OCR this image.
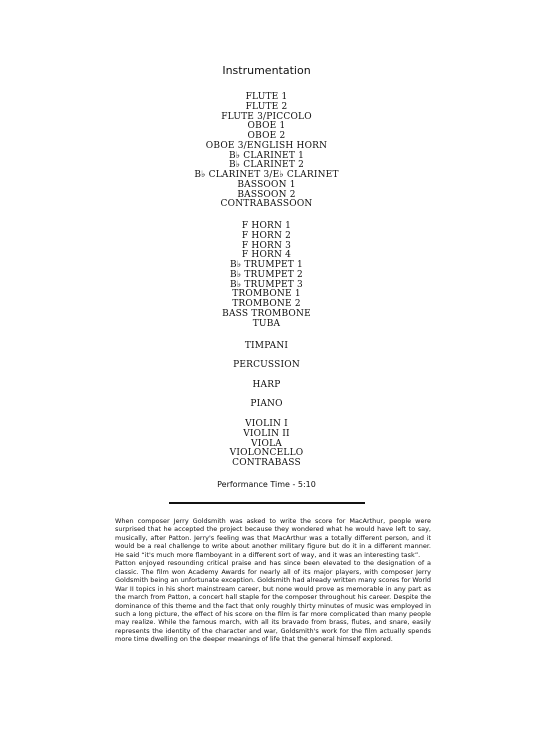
Instrumentation
FLUTE 1
FLUTE 2
FLUTE 3/PICCOLO
OBOE 1
OBOE 2
OBOE 3/ENGLISH HORN
B♭ CLARINET 1
B♭ CLARINET 2
B♭ CLARINET 3/E♭ CLARINET
BASSOON 1
BASSOON 2
CONTRABASSOON
F HORN 1
F HORN 2
F HORN 3
F HORN 4
B♭ TRUMPET 1
B♭ TRUMPET 2
B♭ TRUMPET 3
TROMBONE 1
TROMBONE 2
BASS TROMBONE
TUBA
TIMPANI
PERCUSSION
HARP
PIANO
VIOLIN I
VIOLIN II
VIOLA
VIOLONCELLO
CONTRABASS
Performance Time - 5:10

When composer Jerry Goldsmith was asked to write the score for MacArthur, people were surprised that he accepted the project because they wondered what he would have left to say, musically, after Patton. Jerry's feeling was that MacArthur was a totally different person, and it would be a real challenge to write about another military figure but do it in a different manner. He said “it's much more flamboyant in a different sort of way, and it was an interesting task”.

Patton enjoyed resounding critical praise and has since been elevated to the designation of a classic. The film won Academy Awards for nearly all of its major players, with composer Jerry Goldsmith being an unfortunate exception. Goldsmith had already written many scores for World War II topics in his short mainstream career, but none would prove as memorable in any part as the march from Patton, a concert hall staple for the composer throughout his career. Despite the dominance of this theme and the fact that only roughly thirty minutes of music was employed in such a long picture, the effect of his score on the film is far more complicated than many people may realize. While the famous march, with all its bravado from brass, flutes, and snare, easily represents the identity of the character and war, Goldsmith's work for the film actually spends more time dwelling on the deeper meanings of life that the general himself explored.
